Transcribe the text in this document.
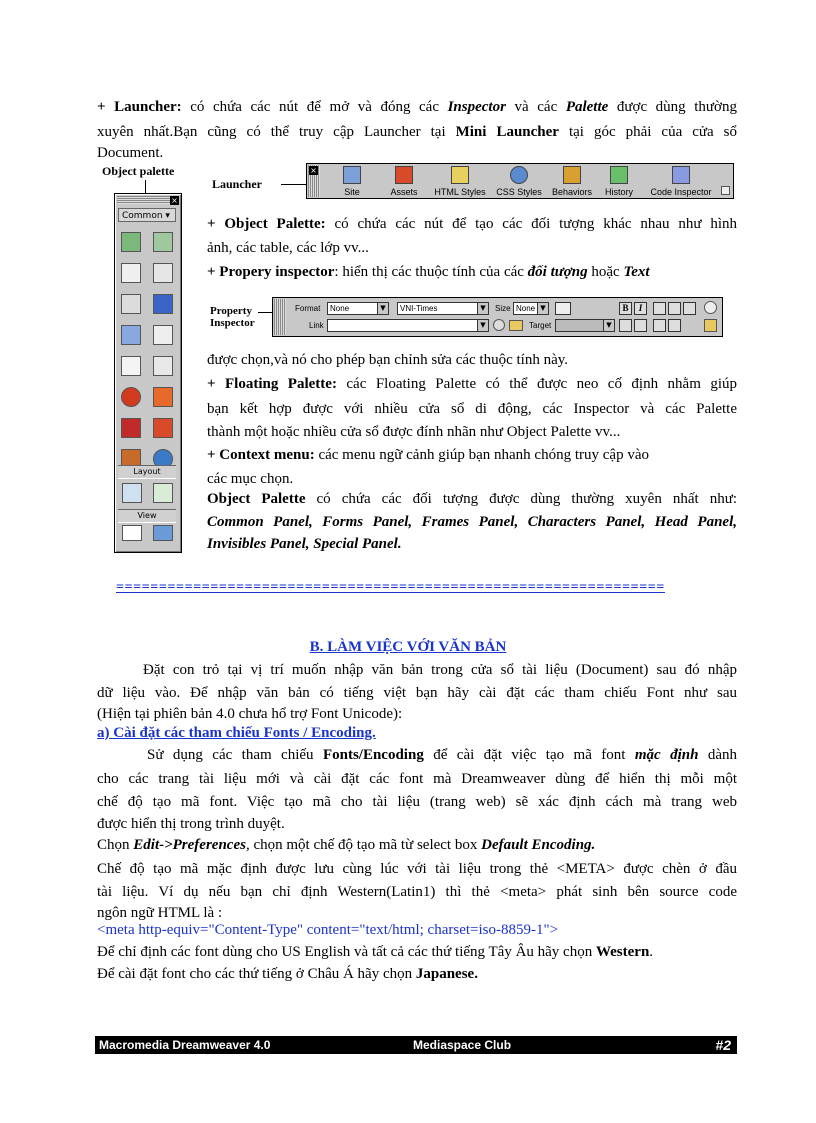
+ Launcher: có chứa các nút để mở và đóng các Inspector và các Palette được dùng thường
xuyên nhất.Bạn cũng có thể truy cập Launcher tại Mini Launcher tại góc phải của cửa sổ
Document.
Object palette
Launcher
Property
Inspector
×
Common ▾
Layout
View
×
Site	Assets	HTML Styles	CSS Styles	Behaviors	History	Code Inspector
Format	None	▼	VNI-Times	▼ Size None ▼	B	I
Link	▼	Target	▼
+ Object Palette: có chứa các nút để tạo các đối tượng khác nhau như hình
ảnh, các table, các lớp vv...
+ Propery inspector: hiển thị các thuộc tính của các đối tượng hoặc Text
được chọn,và nó cho phép bạn chỉnh sửa các thuộc tính này.
+ Floating Palette: các Floating Palette có thể được neo cố định nhằm giúp
bạn kết hợp được với nhiều cửa sổ di động, các Inspector và các Palette
thành một hoặc nhiều cửa sổ được đính nhãn như Object Palette vv...
+ Context menu: các menu ngữ cảnh giúp bạn nhanh chóng truy cập vào
các mục chọn.
Object Palette có chứa các đối tượng được dùng thường xuyên nhất như:
Common Panel, Forms Panel, Frames Panel, Characters Panel, Head Panel,
Invisibles Panel, Special Panel.
================================================================
B. LÀM VIỆC VỚI VĂN BẢN
Đặt con trỏ tại vị trí muốn nhập văn bản trong cửa sổ tài liệu (Document) sau đó nhập
dữ liệu vào. Để nhập văn bản có tiếng việt bạn hãy cài đặt các tham chiếu Font như sau
(Hiện tại phiên bản 4.0 chưa hổ trợ Font Unicode):
a) Cài đặt các tham chiếu Fonts / Encoding.
Sử dụng các tham chiếu Fonts/Encoding để cài đặt việc tạo mã font mặc định dành
cho các trang tài liệu mới và cài đặt các font mà Dreamweaver dùng để hiển thị mỗi một
chế độ tạo mã font. Việc tạo mã cho tài liệu (trang web) sẽ xác định cách mà trang web
được hiển thị trong trình duyệt.
Chọn Edit->Preferences, chọn một chế độ tạo mã từ select box Default Encoding.
Chế độ tạo mã mặc định được lưu cùng lúc với tài liệu trong thẻ <META> được chèn ở đầu
tài liệu. Ví dụ nếu bạn chỉ định Western(Latin1) thì thẻ <meta> phát sinh bên source code
ngôn ngữ HTML là :
<meta http-equiv="Content-Type" content="text/html; charset=iso-8859-1">
Để chỉ định các font dùng cho US English và tất cả các thứ tiếng Tây Âu hãy chọn Western.
Để cài đặt font cho các thứ tiếng ở Châu Á hãy chọn Japanese.
Macromedia Dreamweaver 4.0	Mediaspace Club	#2
